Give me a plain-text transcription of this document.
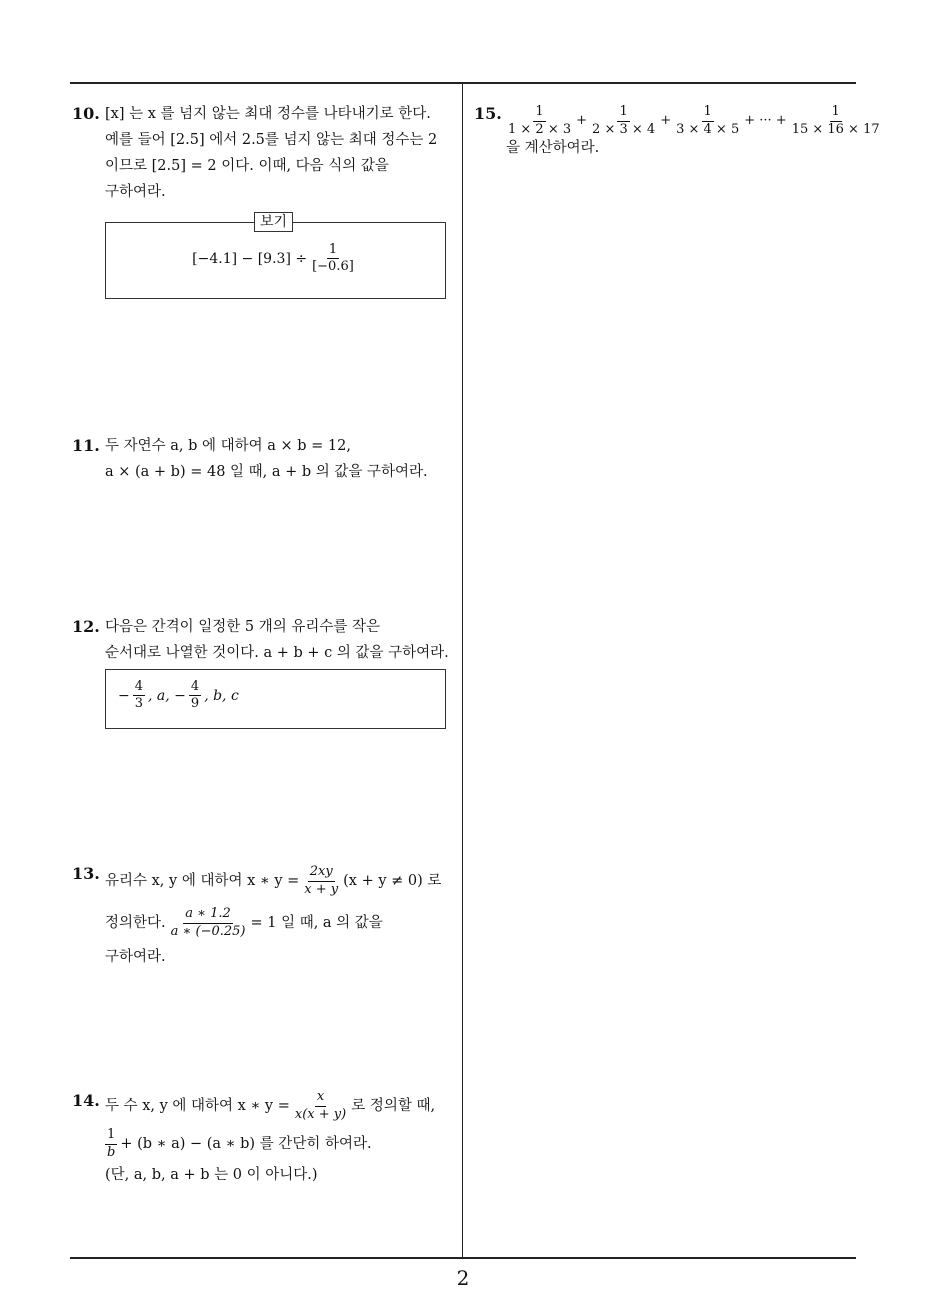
10. [x] 는 x 를 넘지 않는 최대 정수를 나타내기로 한다.
예를 들어 [2.5] 에서 2.5를 넘지 않는 최대 정수는 2
이므로 [2.5] = 2 이다. 이때, 다음 식의 값을
구하여라.
$[-4.1] - [9.3] \div \frac{1}{[-0.6]}$
보기
11. 두 자연수 a, b 에 대하여 a × b = 12,
a × (a + b) = 48 일 때, a + b 의 값을 구하여라.
12. 다음은 간격이 일정한 5 개의 유리수를 작은
순서대로 나열한 것이다. a + b + c 의 값을 구하여라.
− $\frac{4}{3}$ , a, − $\frac{4}{9}$ , b, c
13. 유리수 x, y 에 대하여 x ∗ $y = \frac{2xy}{x + y} (x + y \ne 0)$ 로
정의한다. $\frac{a ∗ 1.2}{a ∗ (-0.25)} = 1$ 일 때, a 의 값을
구하여라.
14. 두 수 x, y 에 대하여 x ∗ $y = \frac{x}{x(x + y)}$ 로 정의할 때,
$\frac{1}{b} + (b$ ∗ a) − (a ∗ b) 를 간단히 하여라.
(단, a, b, a + b 는 0 이 아니다.)
15. $\frac{1}{1 \times 2 \times 3} + \frac{1}{2 \times 3 \times 4} + \frac{1}{3 \times 4 \times 5}$ + ··· + $\frac{1}{15 \times 16 \times 17}$
을 계산하여라.
2
